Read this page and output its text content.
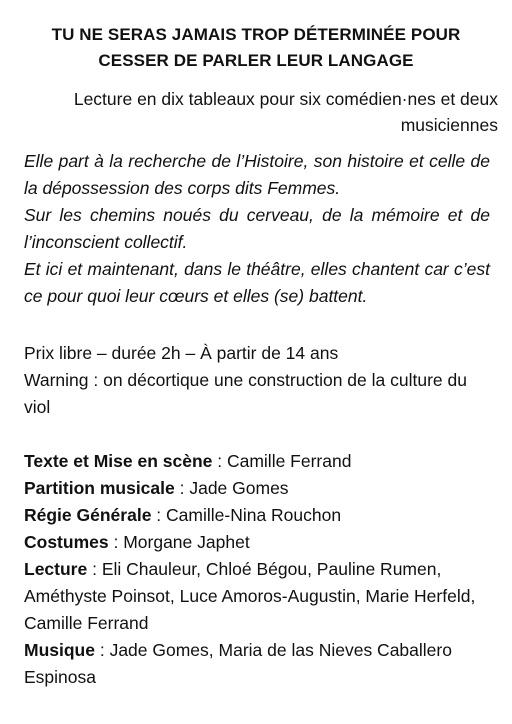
TU NE SERAS JAMAIS TROP DÉTERMINÉE POUR CESSER DE PARLER LEUR LANGAGE
Lecture en dix tableaux pour six comédien·nes et deux musiciennes

Elle part à la recherche de l’Histoire, son histoire et celle de la dépossession des corps dits Femmes.

Sur les chemins noués du cerveau, de la mémoire et de l’inconscient collectif.

Et ici et maintenant, dans le théâtre, elles chantent car c’est ce pour quoi leur cœurs et elles (se) battent.

Prix libre – durée 2h – À partir de 14 ans

Warning : on décortique une construction de la culture du viol

Texte et Mise en scène : Camille Ferrand

Partition musicale : Jade Gomes

Régie Générale : Camille-Nina Rouchon

Costumes : Morgane Japhet

Lecture : Eli Chauleur, Chloé Bégou, Pauline Rumen, Améthyste Poinsot, Luce Amoros-Augustin, Marie Herfeld, Camille Ferrand

Musique : Jade Gomes, Maria de las Nieves Caballero Espinosa
